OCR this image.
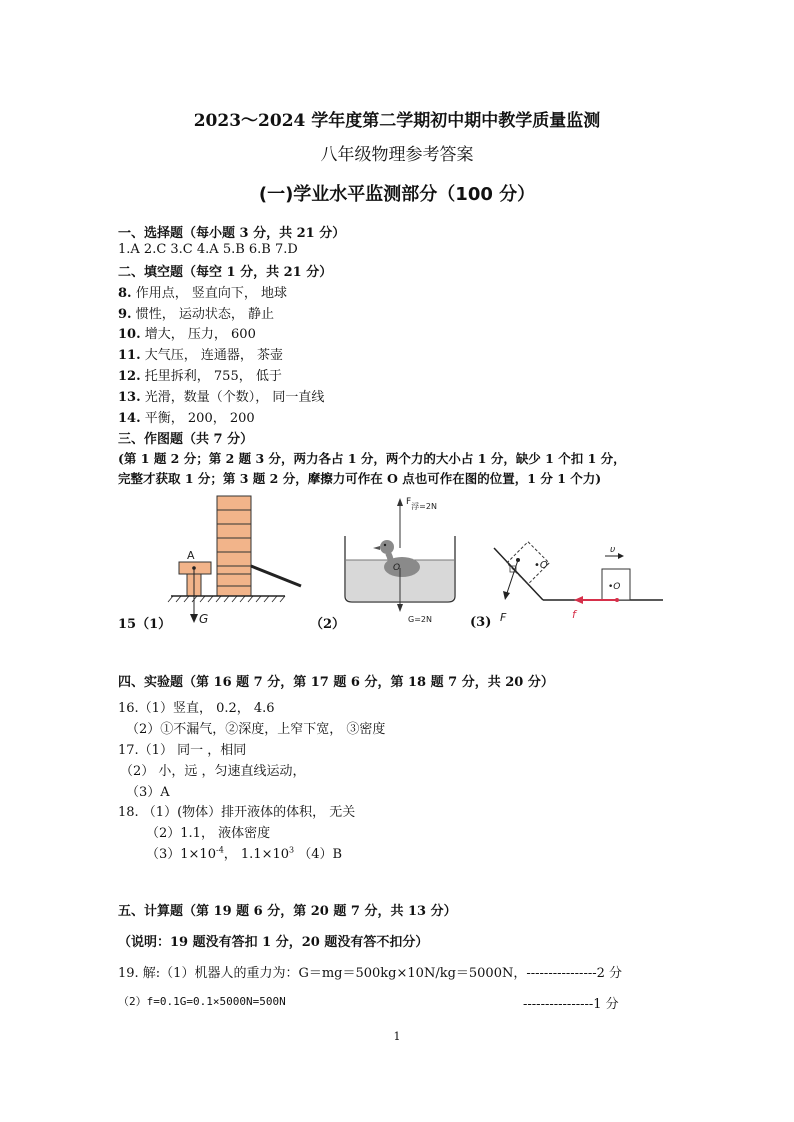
2023～2024 学年度第二学期初中期中教学质量监测
八年级物理参考答案
(一)学业水平监测部分（100 分）
一、选择题（每小题 3 分，共 21 分）
1.A 2.C 3.C 4.A 5.B 6.B 7.D
二、填空题（每空 1 分，共 21 分）
8. 作用点， 竖直向下， 地球
9. 惯性， 运动状态， 静止
10. 增大， 压力， 600
11. 大气压， 连通器， 茶壶
12. 托里拆利， 755， 低于
13. 光滑，数量（个数）， 同一直线
14. 平衡， 200， 200
三、作图题（共 7 分）
(第 1 题 2 分；第 2 题 3 分，两力各占 1 分，两个力的大小占 1 分，缺少 1 个扣 1 分，
完整才获取 1 分；第 3 题 2 分，摩擦力可作在 O 点也可作在图的位置，1 分 1 个力)
A
G
F浮=2N
O
G=2N
•O
F
•O
υ
f
15（1）	（2）	(3)
四、实验题（第 16 题 7 分，第 17 题 6 分，第 18 题 7 分，共 20 分）
16.（1）竖直， 0.2， 4.6
（2）①不漏气，②深度，上窄下宽， ③密度
17.（1） 同一 ，相同
（2） 小，远 ，匀速直线运动，
（3）A
18. （1）(物体）排开液体的体积， 无关
（2）1.1， 液体密度
$(3)1\times 10^{-4}$， $1.1\times 10^3$ （4）B
五、计算题（第 19 题 6 分，第 20 题 7 分，共 13 分）
（说明：19 题没有答扣 1 分，20 题没有答不扣分）
19. 解:（1）机器人的重力为：G＝mg＝500kg×10N/kg＝5000N，----------------2 分
（2）f=0.1G=0.1×5000N=500N	----------------1 分
1
